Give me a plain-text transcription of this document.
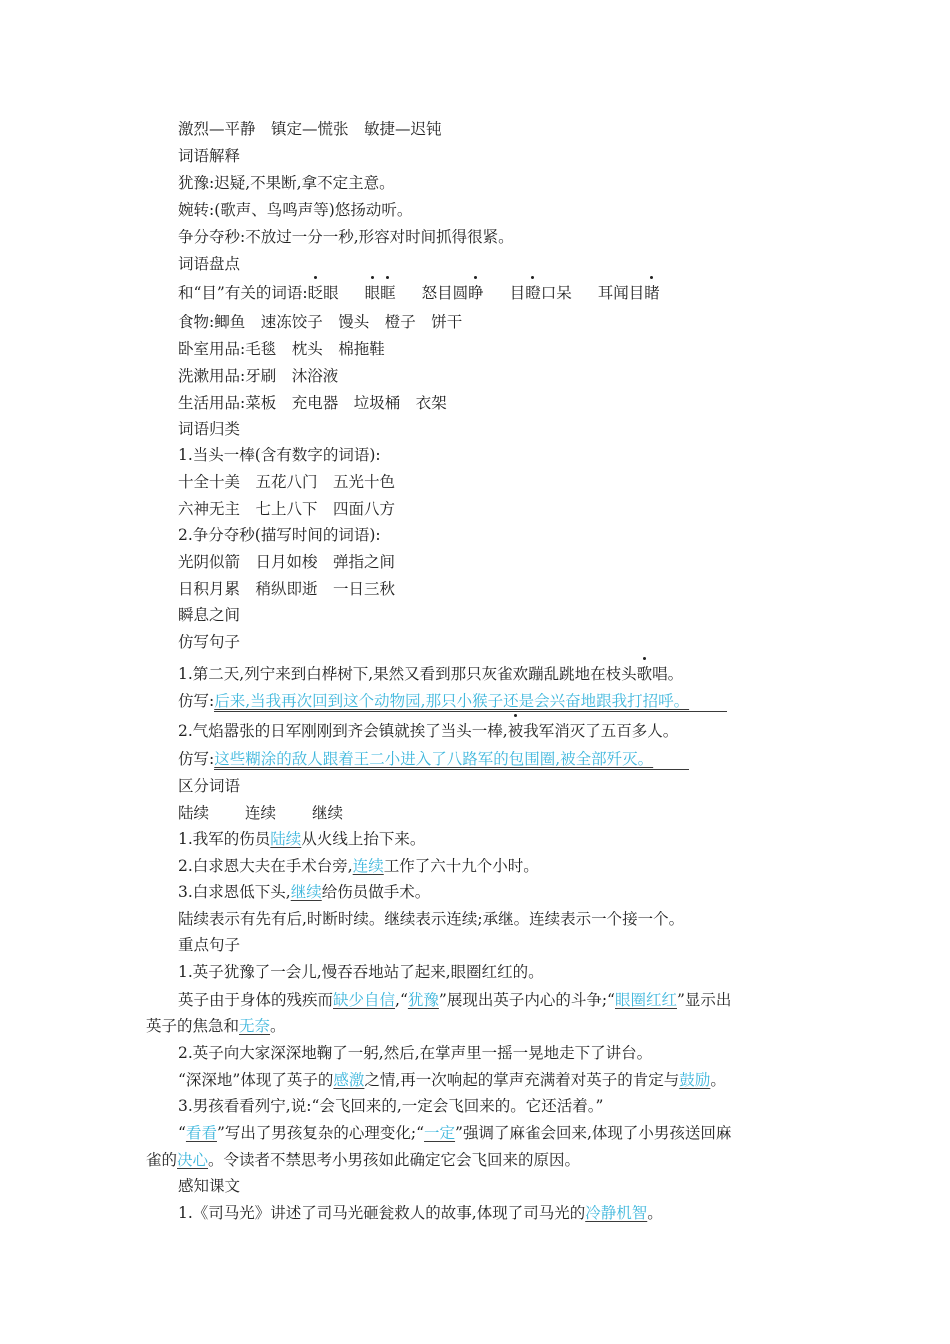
激烈—平静　镇定—慌张　敏捷—迟钝
词语解释
犹豫:迟疑,不果断,拿不定主意。
婉转:(歌声、鸟鸣声等)悠扬动听。
争分夺秒:不放过一分一秒,形容对时间抓得很紧。
词语盘点
和“目”有关的词语:眨眼 眼眶 怒目圆睁 目瞪口呆 耳闻目睹
食物:鲫鱼　速冻饺子　馒头　橙子　饼干
卧室用品:毛毯　枕头　棉拖鞋
洗漱用品:牙刷　沐浴液
生活用品:菜板　充电器　垃圾桶　衣架
词语归类
1.当头一棒(含有数字的词语):
十全十美　五花八门　五光十色
六神无主　七上八下　四面八方
2.争分夺秒(描写时间的词语):
光阴似箭　日月如梭　弹指之间
日积月累　稍纵即逝　一日三秋
瞬息之间
仿写句子
1.第二天,列宁来到白桦树下,果然又看到那只灰雀欢蹦乱跳地在枝头歌唱。
仿写:后来,当我再次回到这个动物园,那只小猴子还是会兴奋地跟我打招呼。
2.气焰嚣张的日军刚刚到齐会镇就挨了当头一棒,被我军消灭了五百多人。
仿写:这些糊涂的敌人跟着王二小进入了八路军的包围圈,被全部歼灭。
区分词语
陆续 连续 继续
1.我军的伤员陆续从火线上抬下来。
2.白求恩大夫在手术台旁,连续工作了六十九个小时。
3.白求恩低下头,继续给伤员做手术。
陆续表示有先有后,时断时续。继续表示连续;承继。连续表示一个接一个。
重点句子
1.英子犹豫了一会儿,慢吞吞地站了起来,眼圈红红的。
英子由于身体的残疾而缺少自信,“犹豫”展现出英子内心的斗争;“眼圈红红”显示出
英子的焦急和无奈。
2.英子向大家深深地鞠了一躬,然后,在掌声里一摇一晃地走下了讲台。
“深深地”体现了英子的感激之情,再一次响起的掌声充满着对英子的肯定与鼓励。
3.男孩看看列宁,说:“会飞回来的,一定会飞回来的。它还活着。”
“看看”写出了男孩复杂的心理变化;“一定”强调了麻雀会回来,体现了小男孩送回麻
雀的决心。令读者不禁思考小男孩如此确定它会飞回来的原因。
感知课文
1.《司马光》讲述了司马光砸瓮救人的故事,体现了司马光的冷静机智。
